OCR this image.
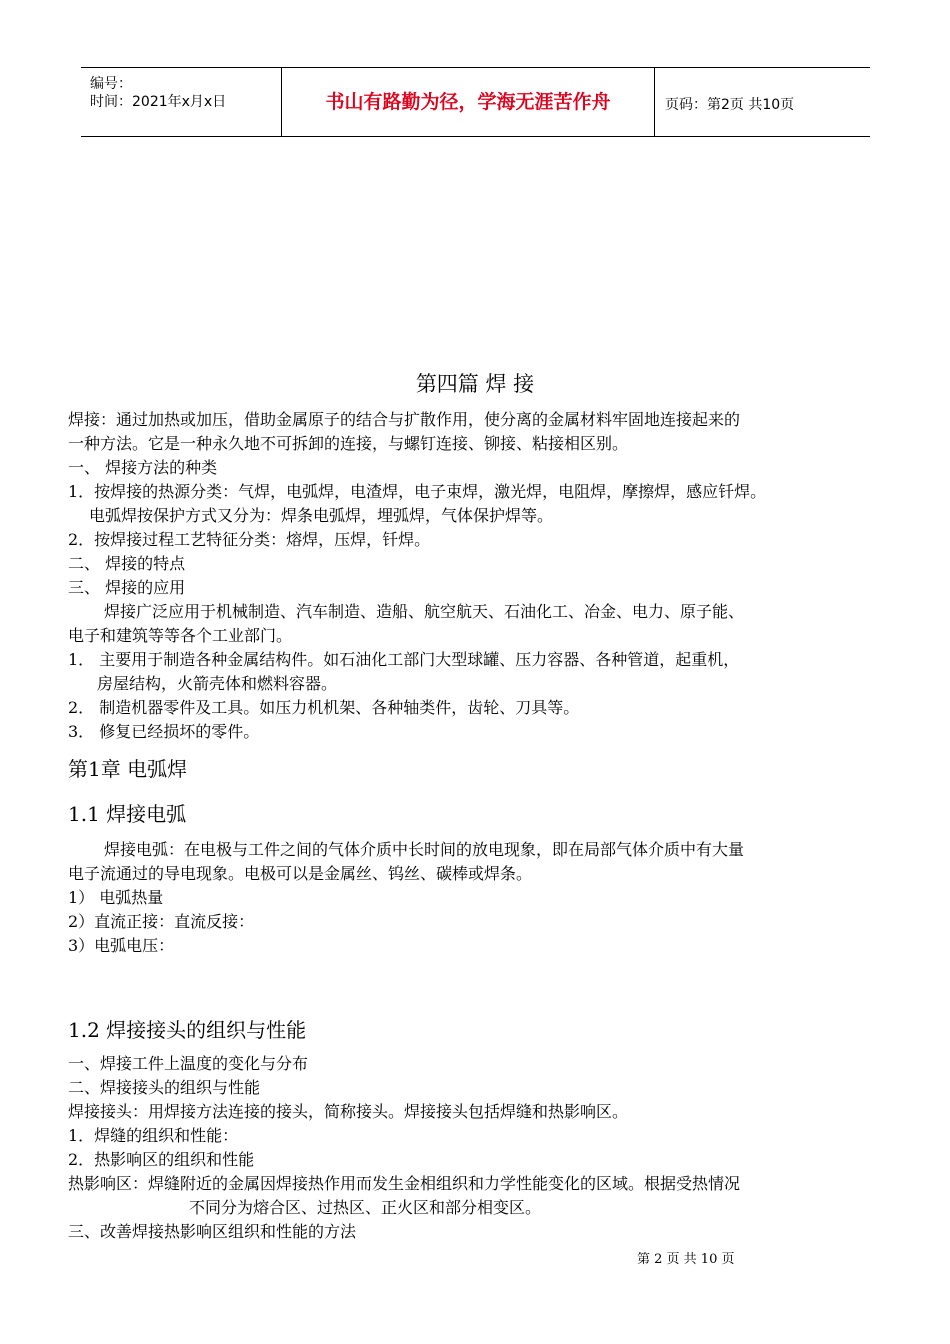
编号：
时间：2021年x月x日	书山有路勤为径，学海无涯苦作舟	页码：第2页 共10页
第四篇 焊 接
焊接：通过加热或加压，借助金属原子的结合与扩散作用，使分离的金属材料牢固地连接起来的
一种方法。它是一种永久地不可拆卸的连接，与螺钉连接、铆接、粘接相区别。
一、 焊接方法的种类
1．按焊接的热源分类：气焊，电弧焊，电渣焊，电子束焊，激光焊，电阻焊，摩擦焊，感应钎焊。
电弧焊按保护方式又分为：焊条电弧焊，埋弧焊，气体保护焊等。
2．按焊接过程工艺特征分类：熔焊，压焊，钎焊。
二、 焊接的特点
三、 焊接的应用
焊接广泛应用于机械制造、汽车制造、造船、航空航天、石油化工、冶金、电力、原子能、
电子和建筑等等各个工业部门。
1． 主要用于制造各种金属结构件。如石油化工部门大型球罐、压力容器、各种管道，起重机，
房屋结构，火箭壳体和燃料容器。
2． 制造机器零件及工具。如压力机机架、各种轴类件，齿轮、刀具等。
3． 修复已经损坏的零件。
第1章 电弧焊
1.1 焊接电弧
焊接电弧：在电极与工件之间的气体介质中长时间的放电现象，即在局部气体介质中有大量
电子流通过的导电现象。电极可以是金属丝、钨丝、碳棒或焊条。
1） 电弧热量
2）直流正接：直流反接：
3）电弧电压：
1.2 焊接接头的组织与性能
一、焊接工件上温度的变化与分布
二、焊接接头的组织与性能
焊接接头：用焊接方法连接的接头，简称接头。焊接接头包括焊缝和热影响区。
1．焊缝的组织和性能：
2．热影响区的组织和性能
热影响区：焊缝附近的金属因焊接热作用而发生金相组织和力学性能变化的区域。根据受热情况
不同分为熔合区、过热区、正火区和部分相变区。
三、改善焊接热影响区组织和性能的方法
第 2 页 共 10 页
